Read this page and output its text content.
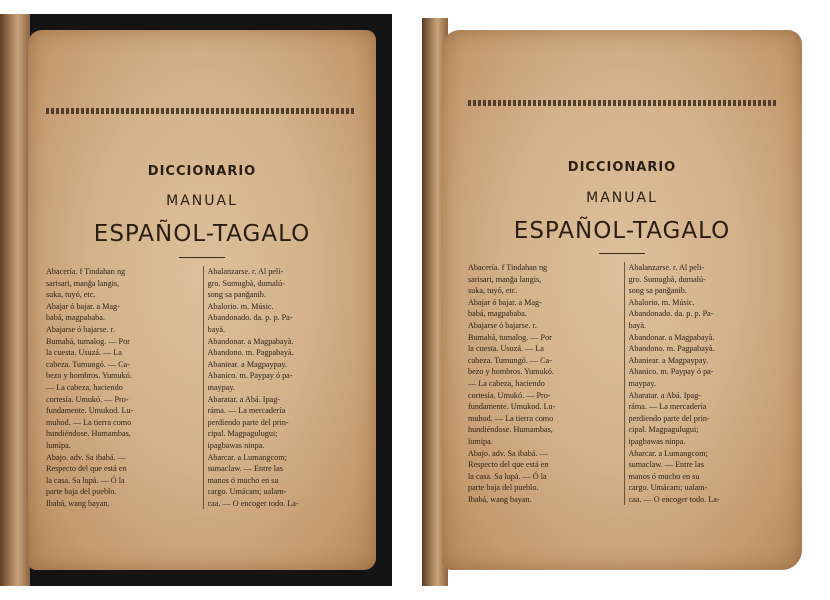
DICCIONARIO
MANUAL
ESPAÑOL-TAGALO
Abacería. f Tindahan ng
sarisari, manğa langis,
suka, tuyó, etc.
Abajar ó bajar. a Mag-
babá, magpababa.
Abajarse ó bajarse. r.
Bumabá, tumalog. — Por
la cuesta. Usuzá. — La
cabeza. Tumungó. — Ca-
bezo y hombros. Yumukó.
— La cabeza, haciendo
cortesía. Umukó. — Pro-
fundamente. Umukod. Lu-
muhod. — La tierra como
hundiéndose. Humambas,
lumipa.
Abajo. adv. Sa ibabá. —
Respecto del que está en
la casa. Sa lupà. — Ó la
parte baja del pueblo.
Ibabá, wang bayan.
Abalanzarse. r. Al peli-
gro. Sumugbà, dumalú-
song sa panğanib.
Abalorio. m. Músic.
Abandonado. da. p. p. Pa-
bayà.
Abandonar. a Magpabayà.
Abandono. m. Pagpabayà.
Abaniear. a Magpaypay.
Abanico. m. Paypay ó pa-
maypay.
Abaratar. a Abá. Ipag-
ráma. — La mercadería
perdiendo parte del prin-
cipal. Magpagulugui;
ipagbawas ninpa.
Abarcar. a Lumangcom;
sumaclaw. — Entre las
manos ó mucho en su
cargo. Umácam; ualam-
caa. — O encoger todo. La-
DICCIONARIO
MANUAL
ESPAÑOL-TAGALO
Abacería. f Tindahan ng
sarisari, manğa langis,
suka, tuyó, etc.
Abajar ó bajar. a Mag-
babá, magpababa.
Abajarse ó bajarse. r.
Bumabá, tumalog. — Por
la cuesta. Usuzá. — La
cabeza. Tumungó. — Ca-
bezo y hombros. Yumukó.
— La cabeza, haciendo
cortesía. Umukó. — Pro-
fundamente. Umukod. Lu-
muhod. — La tierra como
hundiéndose. Humambas,
lumipa.
Abajo. adv. Sa ibabá. —
Respecto del que está en
la casa. Sa lupà. — Ó la
parte baja del pueblo.
Ibabá, wang bayan.
Abalanzarse. r. Al peli-
gro. Sumugbà, dumalú-
song sa panğanib.
Abalorio. m. Músic.
Abandonado. da. p. p. Pa-
bayà.
Abandonar. a Magpabayà.
Abandono. m. Pagpabayà.
Abaniear. a Magpaypay.
Abanico. m. Paypay ó pa-
maypay.
Abaratar. a Abá. Ipag-
ráma. — La mercadería
perdiendo parte del prin-
cipal. Magpagulugui;
ipagbawas ninpa.
Abarcar. a Lumangcom;
sumaclaw. — Entre las
manos ó mucho en su
cargo. Umácam; ualam-
caa. — O encoger todo. La-
